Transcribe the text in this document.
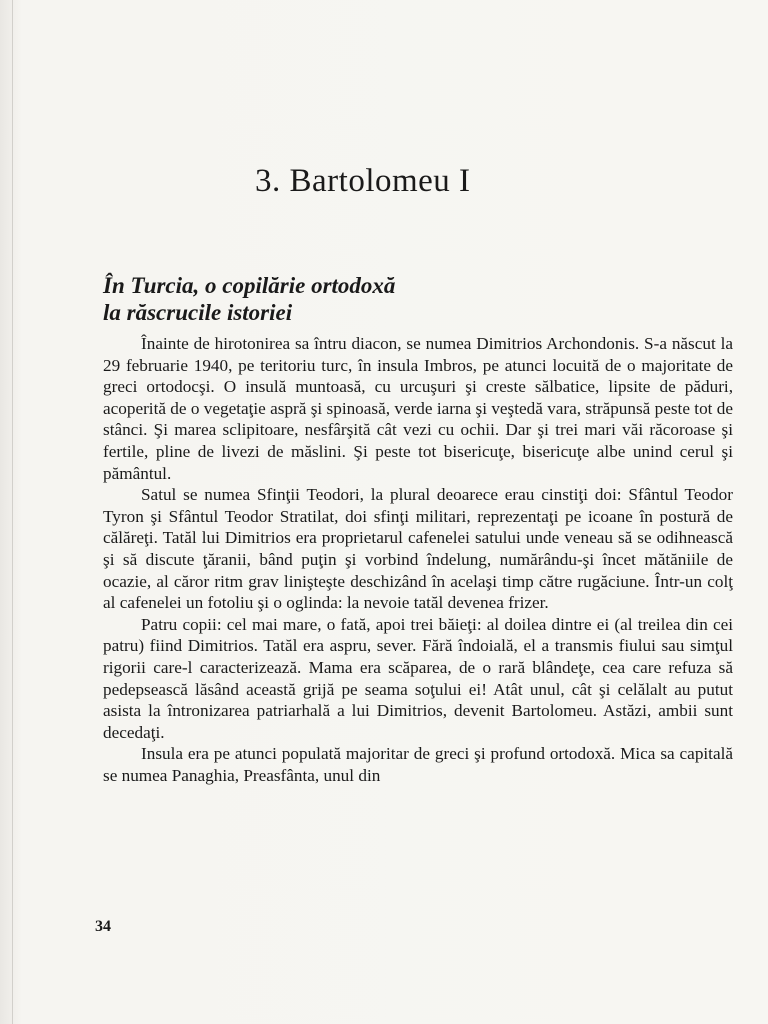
3. Bartolomeu I
În Turcia, o copilărie ortodoxă
la răscrucile istoriei

Înainte de hirotonirea sa întru diacon, se numea Dimitrios Archondonis. S-a născut la 29 februarie 1940, pe teritoriu turc, în insula Imbros, pe atunci locuită de o majoritate de greci ortodocşi. O insulă muntoasă, cu urcuşuri şi creste sălbatice, lipsite de păduri, acoperită de o vegetaţie aspră şi spinoasă, verde iarna şi veştedă vara, străpunsă peste tot de stânci. Şi marea sclipitoare, nesfârşită cât vezi cu ochii. Dar şi trei mari văi răcoroase şi fertile, pline de livezi de măslini. Şi peste tot bisericuţe, bisericuţe albe unind cerul şi pământul.

Satul se numea Sfinţii Teodori, la plural deoarece erau cinstiţi doi: Sfântul Teodor Tyron şi Sfântul Teodor Stratilat, doi sfinţi militari, reprezentaţi pe icoane în postură de călăreţi. Tatăl lui Dimitrios era proprietarul cafenelei satului unde veneau să se odihnească şi să discute ţăranii, bând puţin şi vorbind îndelung, numărându-şi încet mătăniile de ocazie, al căror ritm grav linişteşte deschizând în acelaşi timp către rugăciune. Într-un colţ al cafenelei un fotoliu şi o oglinda: la nevoie tatăl devenea frizer.

Patru copii: cel mai mare, o fată, apoi trei băieţi: al doilea dintre ei (al treilea din cei patru) fiind Dimitrios. Tatăl era aspru, sever. Fără îndoială, el a transmis fiului sau simţul rigorii care-l caracterizează. Mama era scăparea, de o rară blândeţe, cea care refuza să pedepsească lăsând această grijă pe seama soţului ei! Atât unul, cât şi celălalt au putut asista la întronizarea patriarhală a lui Dimitrios, devenit Bartolomeu. Astăzi, ambii sunt decedaţi.

Insula era pe atunci populată majoritar de greci şi profund ortodoxă. Mica sa capitală se numea Panaghia, Preasfânta, unul din

34
